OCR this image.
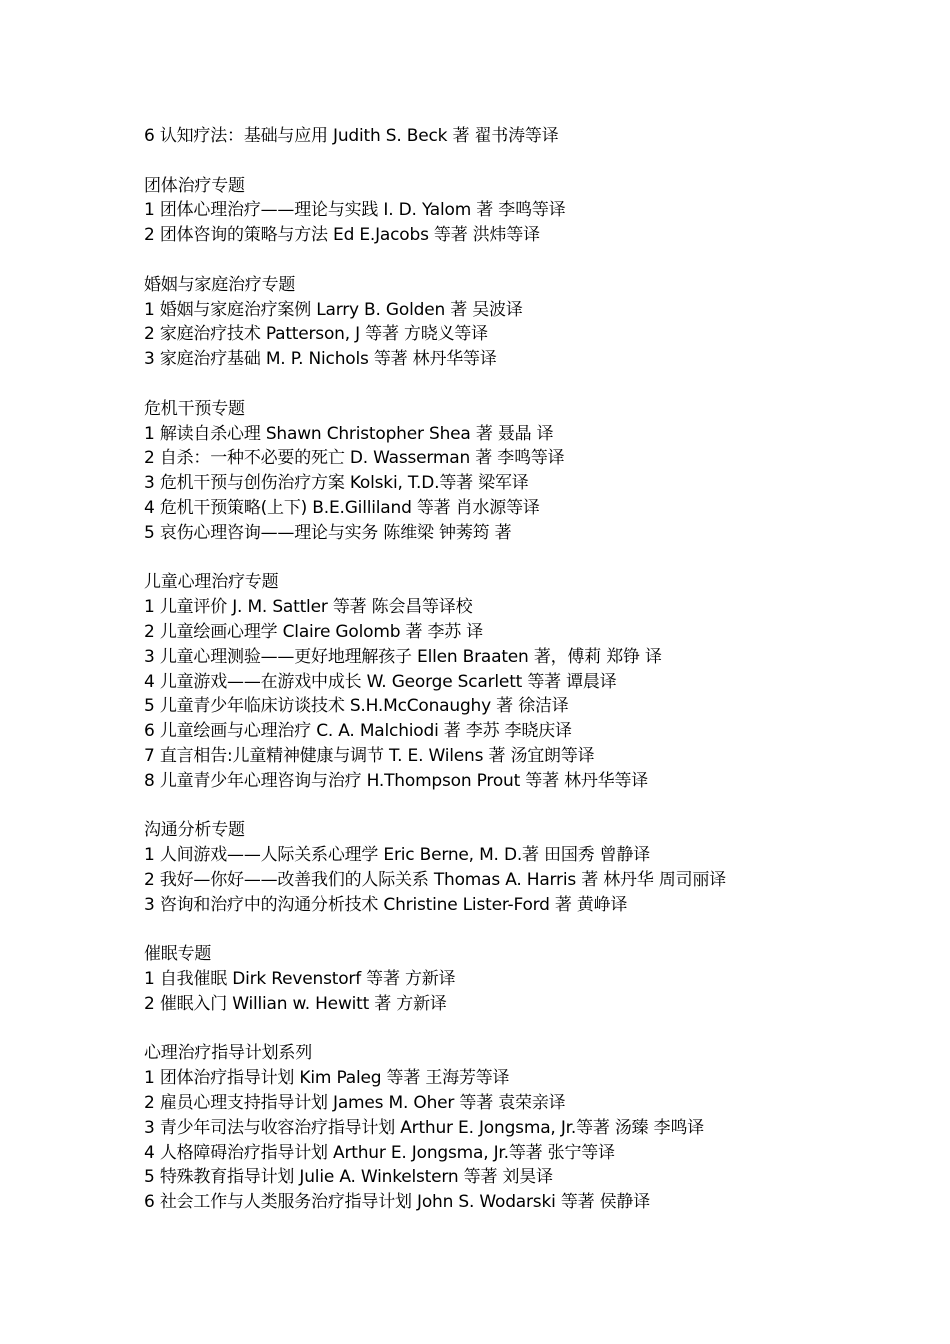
6 认知疗法：基础与应用 Judith S. Beck 著 翟书涛等译
团体治疗专题
1 团体心理治疗——理论与实践 I. D. Yalom 著 李鸣等译
2 团体咨询的策略与方法 Ed E.Jacobs 等著 洪炜等译
婚姻与家庭治疗专题
1 婚姻与家庭治疗案例 Larry B. Golden 著 吴波译
2 家庭治疗技术 Patterson, J 等著 方晓义等译
3 家庭治疗基础 M. P. Nichols 等著 林丹华等译
危机干预专题
1 解读自杀心理 Shawn Christopher Shea 著 聂晶 译
2 自杀：一种不必要的死亡 D. Wasserman 著 李鸣等译
3 危机干预与创伤治疗方案 Kolski, T.D.等著 梁军译
4 危机干预策略(上下) B.E.Gilliland 等著 肖水源等译
5 哀伤心理咨询——理论与实务 陈维梁 钟莠筠 著
儿童心理治疗专题
1 儿童评价 J. M. Sattler 等著 陈会昌等译校
2 儿童绘画心理学 Claire Golomb 著 李苏 译
3 儿童心理测验——更好地理解孩子 Ellen Braaten 著，傅莉 郑铮 译
4 儿童游戏——在游戏中成长 W. George Scarlett 等著 谭晨译
5 儿童青少年临床访谈技术 S.H.McConaughy 著 徐洁译
6 儿童绘画与心理治疗 C. A. Malchiodi 著 李苏 李晓庆译
7 直言相告:儿童精神健康与调节 T. E. Wilens 著 汤宜朗等译
8 儿童青少年心理咨询与治疗 H.Thompson Prout 等著 林丹华等译
沟通分析专题
1 人间游戏——人际关系心理学 Eric Berne, M. D.著 田国秀 曾静译
2 我好—你好——改善我们的人际关系 Thomas A. Harris 著 林丹华 周司丽译
3 咨询和治疗中的沟通分析技术 Christine Lister-Ford 著 黄峥译
催眠专题
1 自我催眠 Dirk Revenstorf 等著 方新译
2 催眠入门 Willian w. Hewitt 著 方新译
心理治疗指导计划系列
1 团体治疗指导计划 Kim Paleg 等著 王海芳等译
2 雇员心理支持指导计划 James M. Oher 等著 袁荣亲译
3 青少年司法与收容治疗指导计划 Arthur E. Jongsma, Jr.等著 汤臻 李鸣译
4 人格障碍治疗指导计划 Arthur E. Jongsma, Jr.等著 张宁等译
5 特殊教育指导计划 Julie A. Winkelstern 等著 刘昊译
6 社会工作与人类服务治疗指导计划 John S. Wodarski 等著 侯静译
